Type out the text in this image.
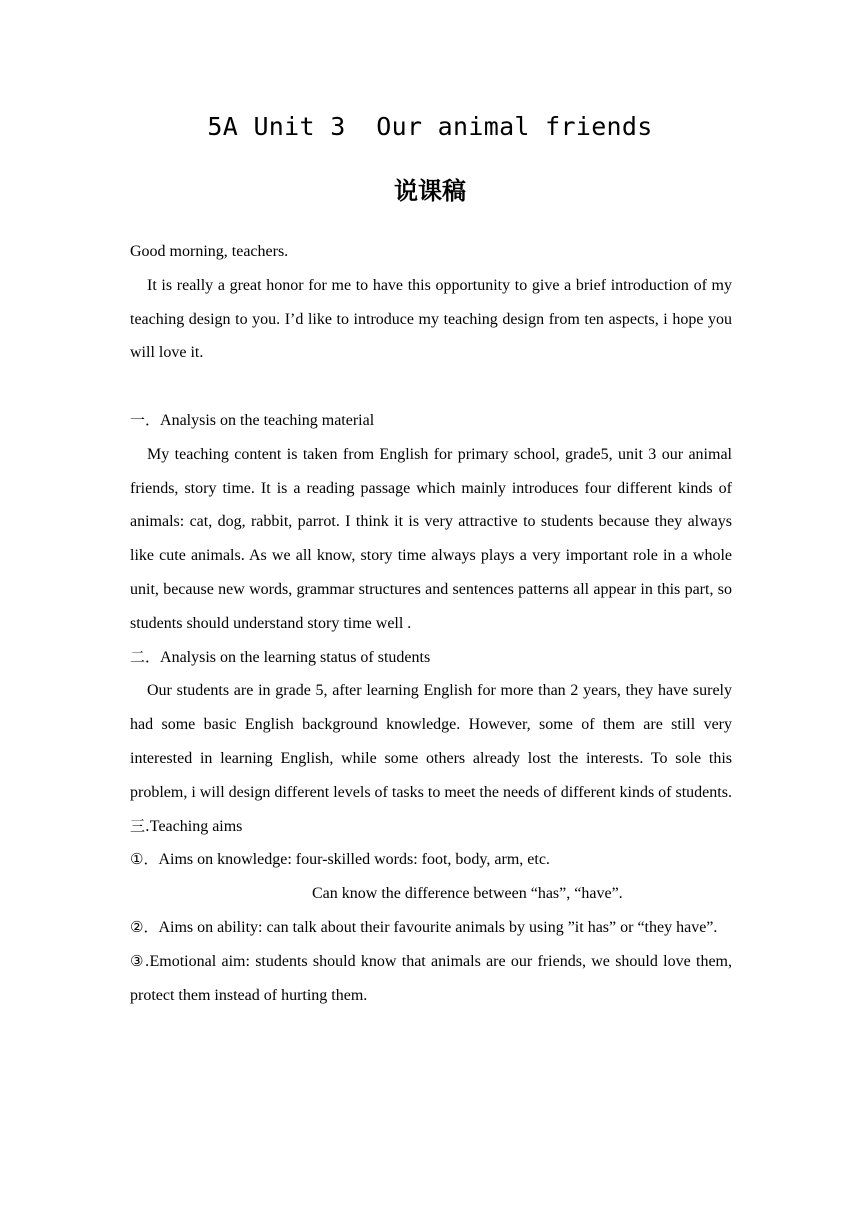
5A Unit 3  Our animal friends
说课稿

Good morning, teachers.

It is really a great honor for me to have this opportunity to give a brief introduction of my teaching design to you. I’d like to introduce my teaching design from ten aspects, i hope you will love it.

一．Analysis on the teaching material

My teaching content is taken from English for primary school, grade5, unit 3 our animal friends, story time. It is a reading passage which mainly introduces four different kinds of animals: cat, dog, rabbit, parrot. I think it is very attractive to students because they always like cute animals. As we all know, story time always plays a very important role in a whole unit, because new words, grammar structures and sentences patterns all appear in this part, so students should understand story time well .

二．Analysis on the learning status of students

Our students are in grade 5, after learning English for more than 2 years, they have surely had some basic English background knowledge. However, some of them are still very interested in learning English, while some others already lost the interests. To sole this problem, i will design different levels of tasks to meet the needs of different kinds of students.

三.Teaching aims

①．Aims on knowledge: four-skilled words: foot, body, arm, etc.

Can know the difference between “has”, “have”.

②．Aims on ability: can talk about their favourite animals by using ”it has” or “they have”.

③.Emotional aim: students should know that animals are our friends, we should love them, protect them instead of hurting them.
